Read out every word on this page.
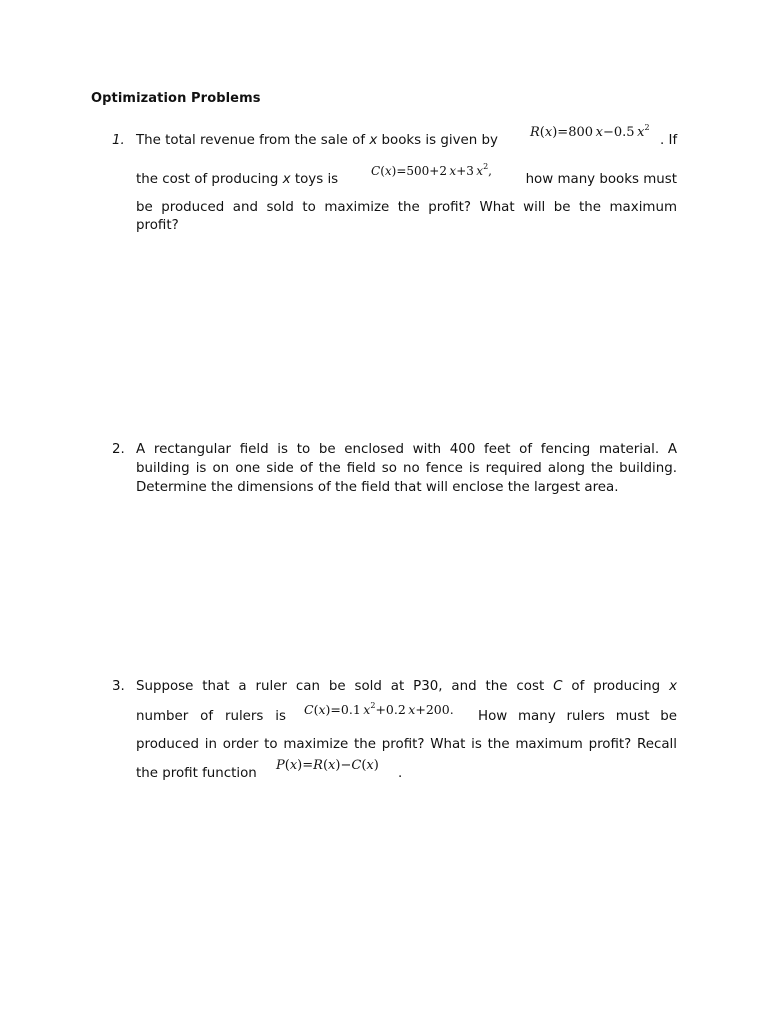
Optimization Problems
1. The total revenue from the sale of x books is given by
R(x)=800  x−0.5  $x^2$
. If
the cost of producing x toys is
C(x)=500+2  x+3  $x^2$,
how many books must
be produced and sold to maximize the profit? What will be the maximum
profit?
2. A rectangular field is to be enclosed with 400 feet of fencing material. A
building is on one side of the field so no fence is required along the building.
Determine the dimensions of the field that will enclose the largest area.
3. Suppose that a ruler can be sold at P30, and the cost C of producing x
number of rulers is C(x)=0.1  $x^2+0.2$  x+200. How many rulers must be
produced in order to maximize the profit? What is the maximum profit? Recall
the profit function
P(x)=R(x)−C(x)
.
